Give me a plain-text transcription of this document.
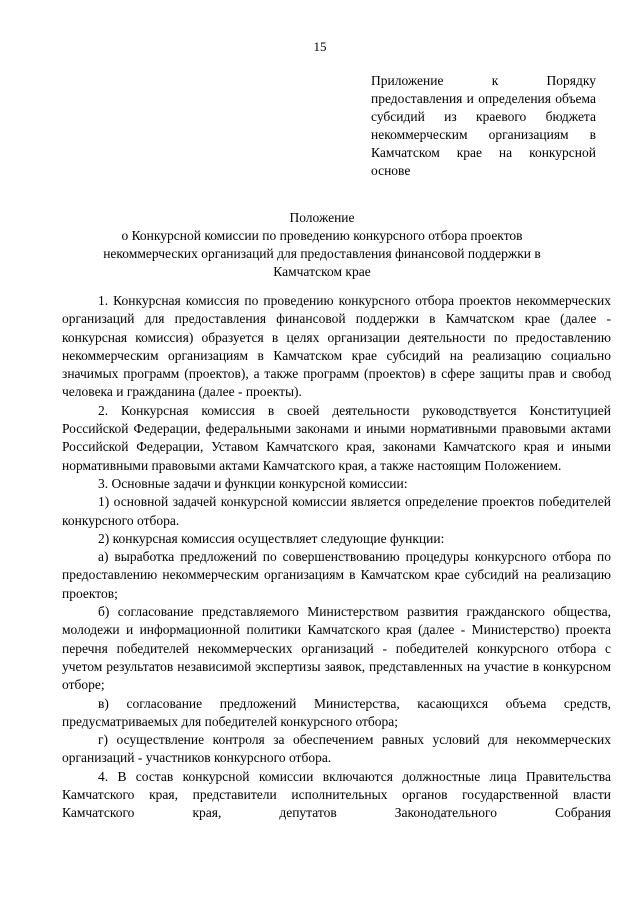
15
Приложение к Порядку предоставления и определения объема субсидий из краевого бюджета некоммерческим организациям в Камчатском крае на конкурсной основе
Положение
о Конкурсной комиссии по проведению конкурсного отбора проектов
некоммерческих организаций для предоставления финансовой поддержки в
Камчатском крае

1. Конкурсная комиссия по проведению конкурсного отбора проектов некоммерческих организаций для предоставления финансовой поддержки в Камчатском крае (далее - конкурсная комиссия) образуется в целях организации деятельности по предоставлению некоммерческим организациям в Камчатском крае субсидий на реализацию социально значимых программ (проектов), а также программ (проектов) в сфере защиты прав и свобод человека и гражданина (далее - проекты).

2. Конкурсная комиссия в своей деятельности руководствуется Конституцией Российской Федерации, федеральными законами и иными нормативными правовыми актами Российской Федерации, Уставом Камчатского края, законами Камчатского края и иными нормативными правовыми актами Камчатского края, а также настоящим Положением.

3. Основные задачи и функции конкурсной комиссии:

1) основной задачей конкурсной комиссии является определение проектов победителей конкурсного отбора.

2) конкурсная комиссия осуществляет следующие функции:

а) выработка предложений по совершенствованию процедуры конкурсного отбора по предоставлению некоммерческим организациям в Камчатском крае субсидий на реализацию проектов;

б) согласование представляемого Министерством развития гражданского общества, молодежи и информационной политики Камчатского края (далее - Министерство) проекта перечня победителей некоммерческих организаций - победителей конкурсного отбора с учетом результатов независимой экспертизы заявок, представленных на участие в конкурсном отборе;

в) согласование предложений Министерства, касающихся объема средств, предусматриваемых для победителей конкурсного отбора;

г) осуществление контроля за обеспечением равных условий для некоммерческих организаций - участников конкурсного отбора.

4. В состав конкурсной комиссии включаются должностные лица Правительства Камчатского края, представители исполнительных органов государственной власти Камчатского края, депутатов Законодательного Собрания
